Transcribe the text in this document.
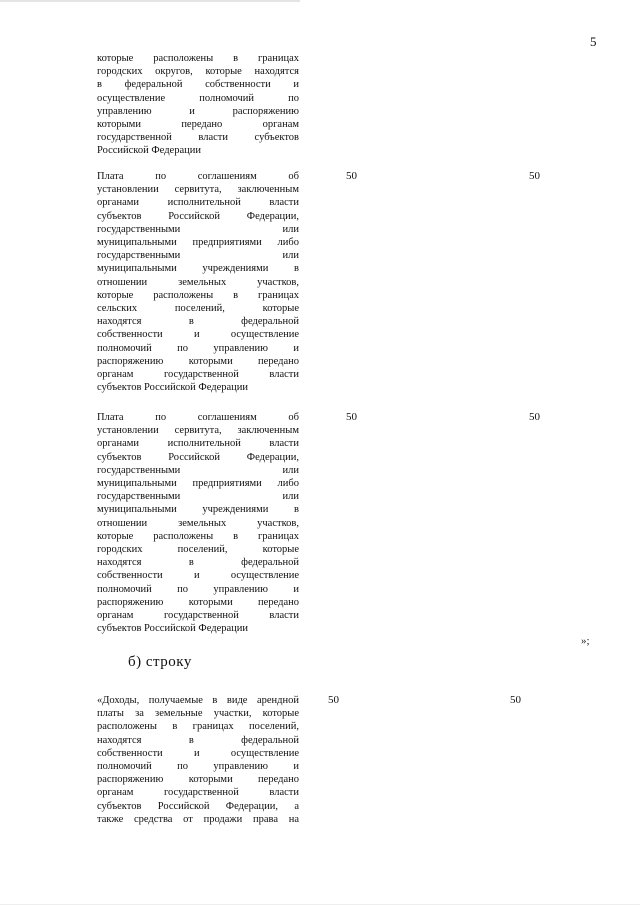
5
которые расположены в границах
городских округов, которые находятся
в федеральной собственности и
осуществление полномочий по
управлению и распоряжению
которыми передано органам
государственной власти субъектов
Российской Федерации
Плата по соглашениям об
установлении сервитута, заключенным
органами исполнительной власти
субъектов Российской Федерации,
государственными или
муниципальными предприятиями либо
государственными или
муниципальными учреждениями в
отношении земельных участков,
которые расположены в границах
сельских поселений, которые
находятся в федеральной
собственности и осуществление
полномочий по управлению и
распоряжению которыми передано
органам государственной власти
субъектов Российской Федерации
50	50
Плата по соглашениям об
установлении сервитута, заключенным
органами исполнительной власти
субъектов Российской Федерации,
государственными или
муниципальными предприятиями либо
государственными или
муниципальными учреждениями в
отношении земельных участков,
которые расположены в границах
городских поселений, которые
находятся в федеральной
собственности и осуществление
полномочий по управлению и
распоряжению которыми передано
органам государственной власти
субъектов Российской Федерации
50	50
»;
б) строку
«Доходы, получаемые в виде арендной
платы за земельные участки, которые
расположены в границах поселений,
находятся в федеральной
собственности и осуществление
полномочий по управлению и
распоряжению которыми передано
органам государственной власти
субъектов Российской Федерации, а
также средства от продажи права на
50	50
